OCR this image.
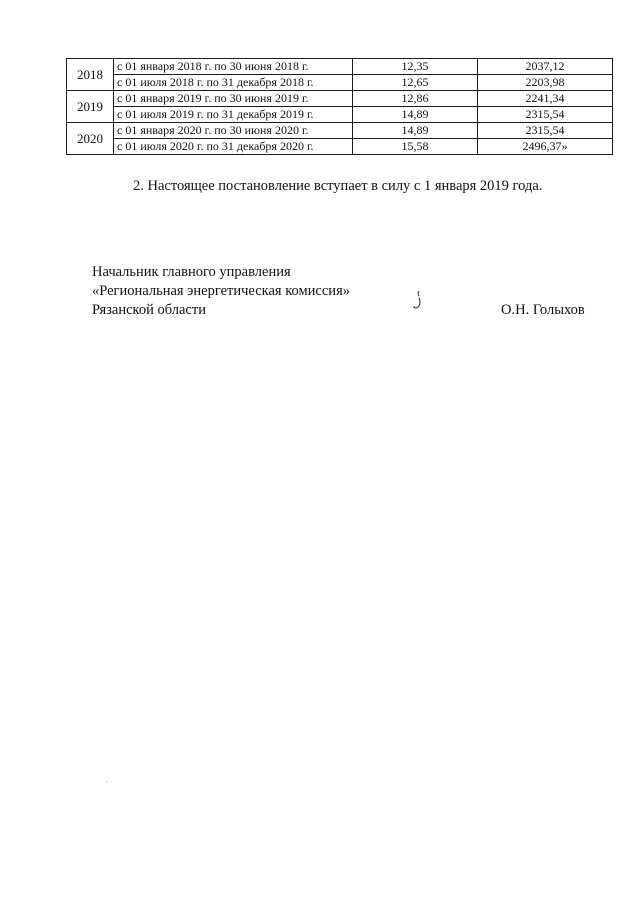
2018	с 01 января 2018 г. по 30 июня 2018 г.	12,35	2037,12
	с 01 июля 2018 г. по 31 декабря 2018 г.	12,65	2203,98
2019	с 01 января 2019 г. по 30 июня 2019 г.	12,86	2241,34
	с 01 июля 2019 г. по 31 декабря 2019 г.	14,89	2315,54
2020	с 01 января 2020 г. по 30 июня 2020 г.	14,89	2315,54
	с 01 июля 2020 г. по 31 декабря 2020 г.	15,58	2496,37»
2. Настоящее постановление вступает в силу с 1 января 2019 года.
Начальник главного управления
«Региональная энергетическая комиссия»
Рязанской области	О.Н. Голыхов
